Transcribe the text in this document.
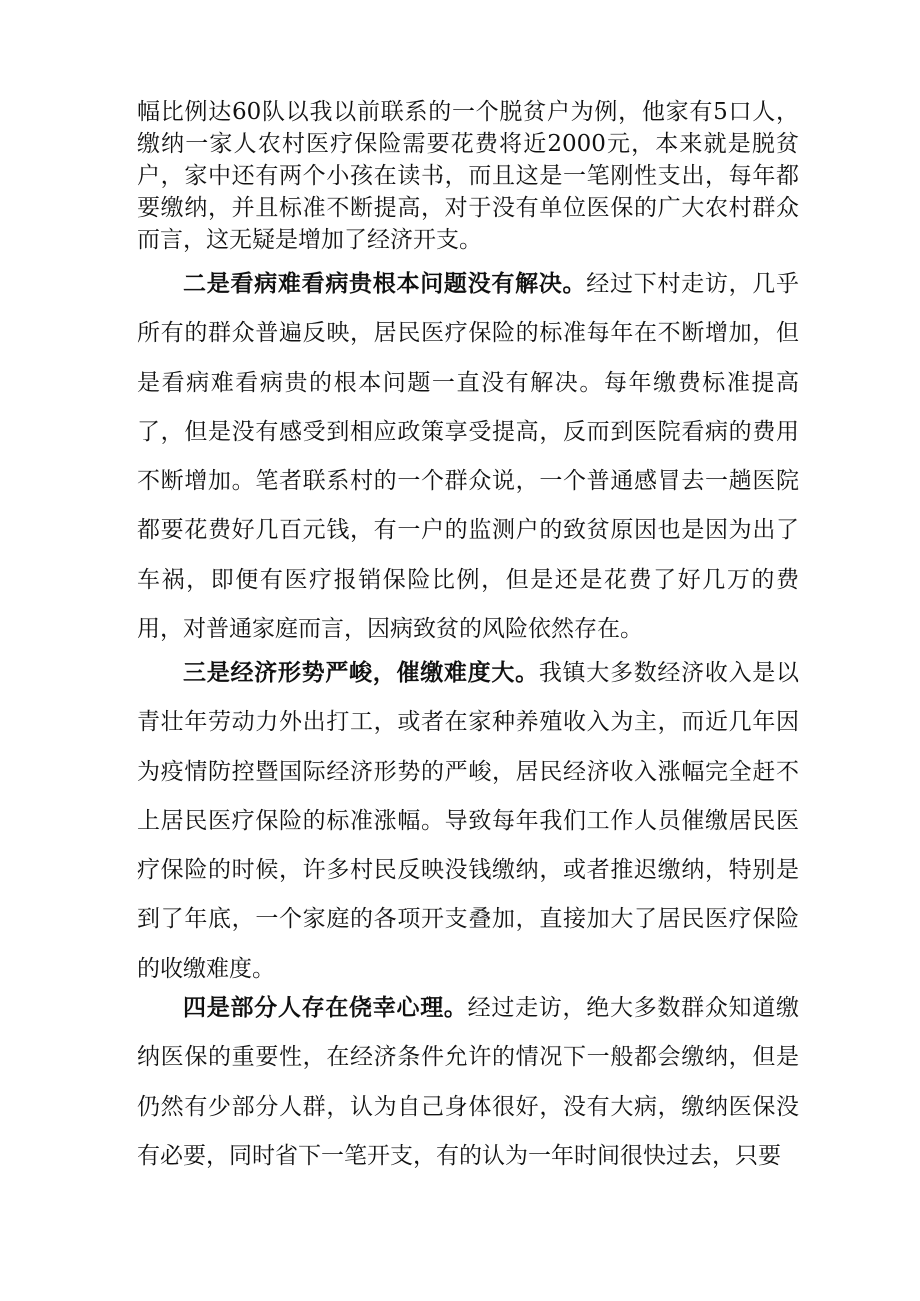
幅比例达60队以我以前联系的一个脱贫户为例，他家有5口人，缴纳一家人农村医疗保险需要花费将近2000元，本来就是脱贫户，家中还有两个小孩在读书，而且这是一笔刚性支出，每年都要缴纳，并且标准不断提高，对于没有单位医保的广大农村群众而言，这无疑是增加了经济开支。

二是看病难看病贵根本问题没有解决。经过下村走访，几乎所有的群众普遍反映，居民医疗保险的标准每年在不断增加，但是看病难看病贵的根本问题一直没有解决。每年缴费标准提高了，但是没有感受到相应政策享受提高，反而到医院看病的费用不断增加。笔者联系村的一个群众说，一个普通感冒去一趟医院都要花费好几百元钱，有一户的监测户的致贫原因也是因为出了车祸，即便有医疗报销保险比例，但是还是花费了好几万的费用，对普通家庭而言，因病致贫的风险依然存在。

三是经济形势严峻，催缴难度大。我镇大多数经济收入是以青壮年劳动力外出打工，或者在家种养殖收入为主，而近几年因为疫情防控暨国际经济形势的严峻，居民经济收入涨幅完全赶不上居民医疗保险的标准涨幅。导致每年我们工作人员催缴居民医疗保险的时候，许多村民反映没钱缴纳，或者推迟缴纳，特别是到了年底，一个家庭的各项开支叠加，直接加大了居民医疗保险的收缴难度。

四是部分人存在侥幸心理。经过走访，绝大多数群众知道缴纳医保的重要性，在经济条件允许的情况下一般都会缴纳，但是仍然有少部分人群，认为自己身体很好，没有大病，缴纳医保没有必要，同时省下一笔开支，有的认为一年时间很快过去，只要
